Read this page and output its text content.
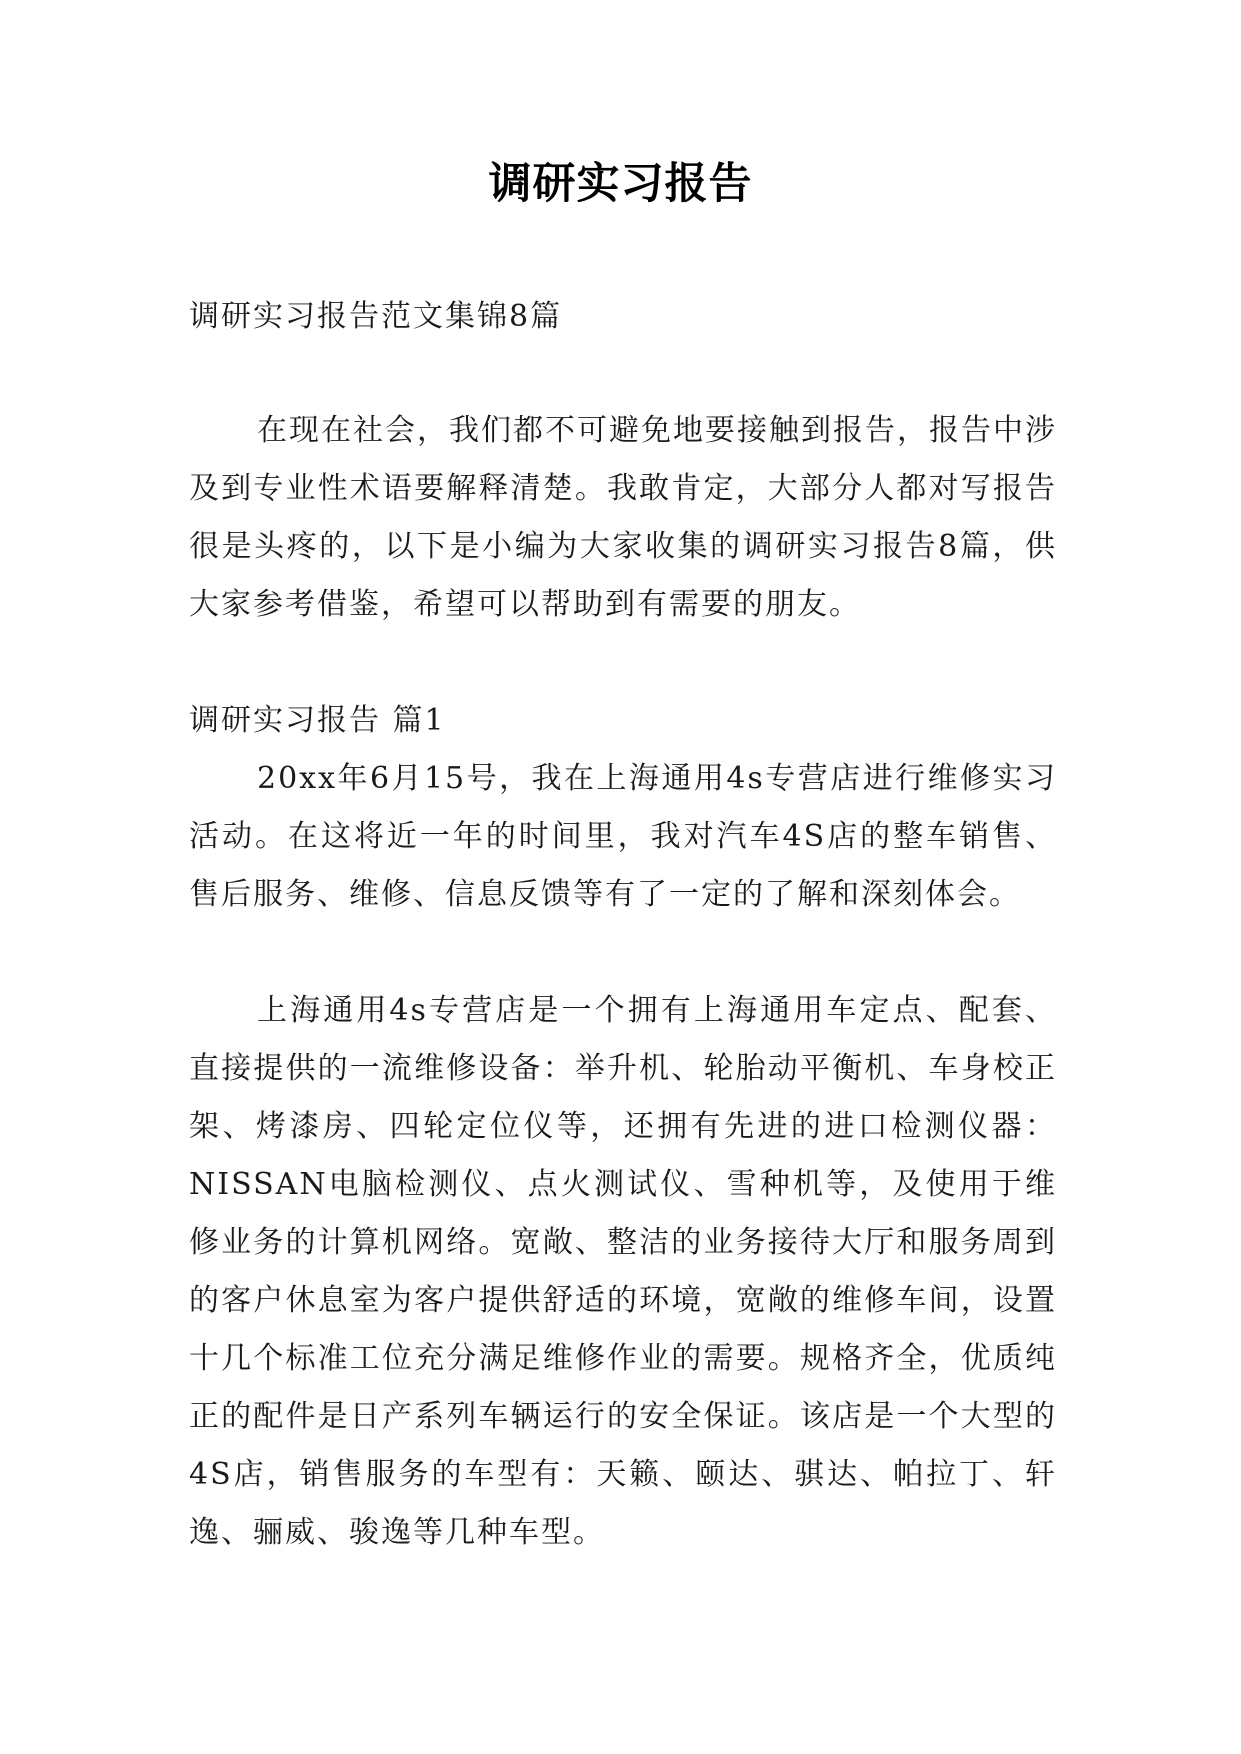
调研实习报告
调研实习报告范文集锦8篇

在现在社会，我们都不可避免地要接触到报告，报告中涉及到专业性术语要解释清楚。我敢肯定，大部分人都对写报告很是头疼的，以下是小编为大家收集的调研实习报告8篇，供大家参考借鉴，希望可以帮助到有需要的朋友。

调研实习报告 篇1

20xx年6月15号，我在上海通用4s专营店进行维修实习活动。在这将近一年的时间里，我对汽车4S店的整车销售、售后服务、维修、信息反馈等有了一定的了解和深刻体会。

上海通用4s专营店是一个拥有上海通用车定点、配套、直接提供的一流维修设备：举升机、轮胎动平衡机、车身校正架、烤漆房、四轮定位仪等，还拥有先进的进口检测仪器：NISSAN电脑检测仪、点火测试仪、雪种机等，及使用于维修业务的计算机网络。宽敞、整洁的业务接待大厅和服务周到的客户休息室为客户提供舒适的环境，宽敞的维修车间，设置十几个标准工位充分满足维修作业的需要。规格齐全，优质纯正的配件是日产系列车辆运行的安全保证。该店是一个大型的4S店，销售服务的车型有：天籁、颐达、骐达、帕拉丁、轩逸、骊威、骏逸等几种车型。
